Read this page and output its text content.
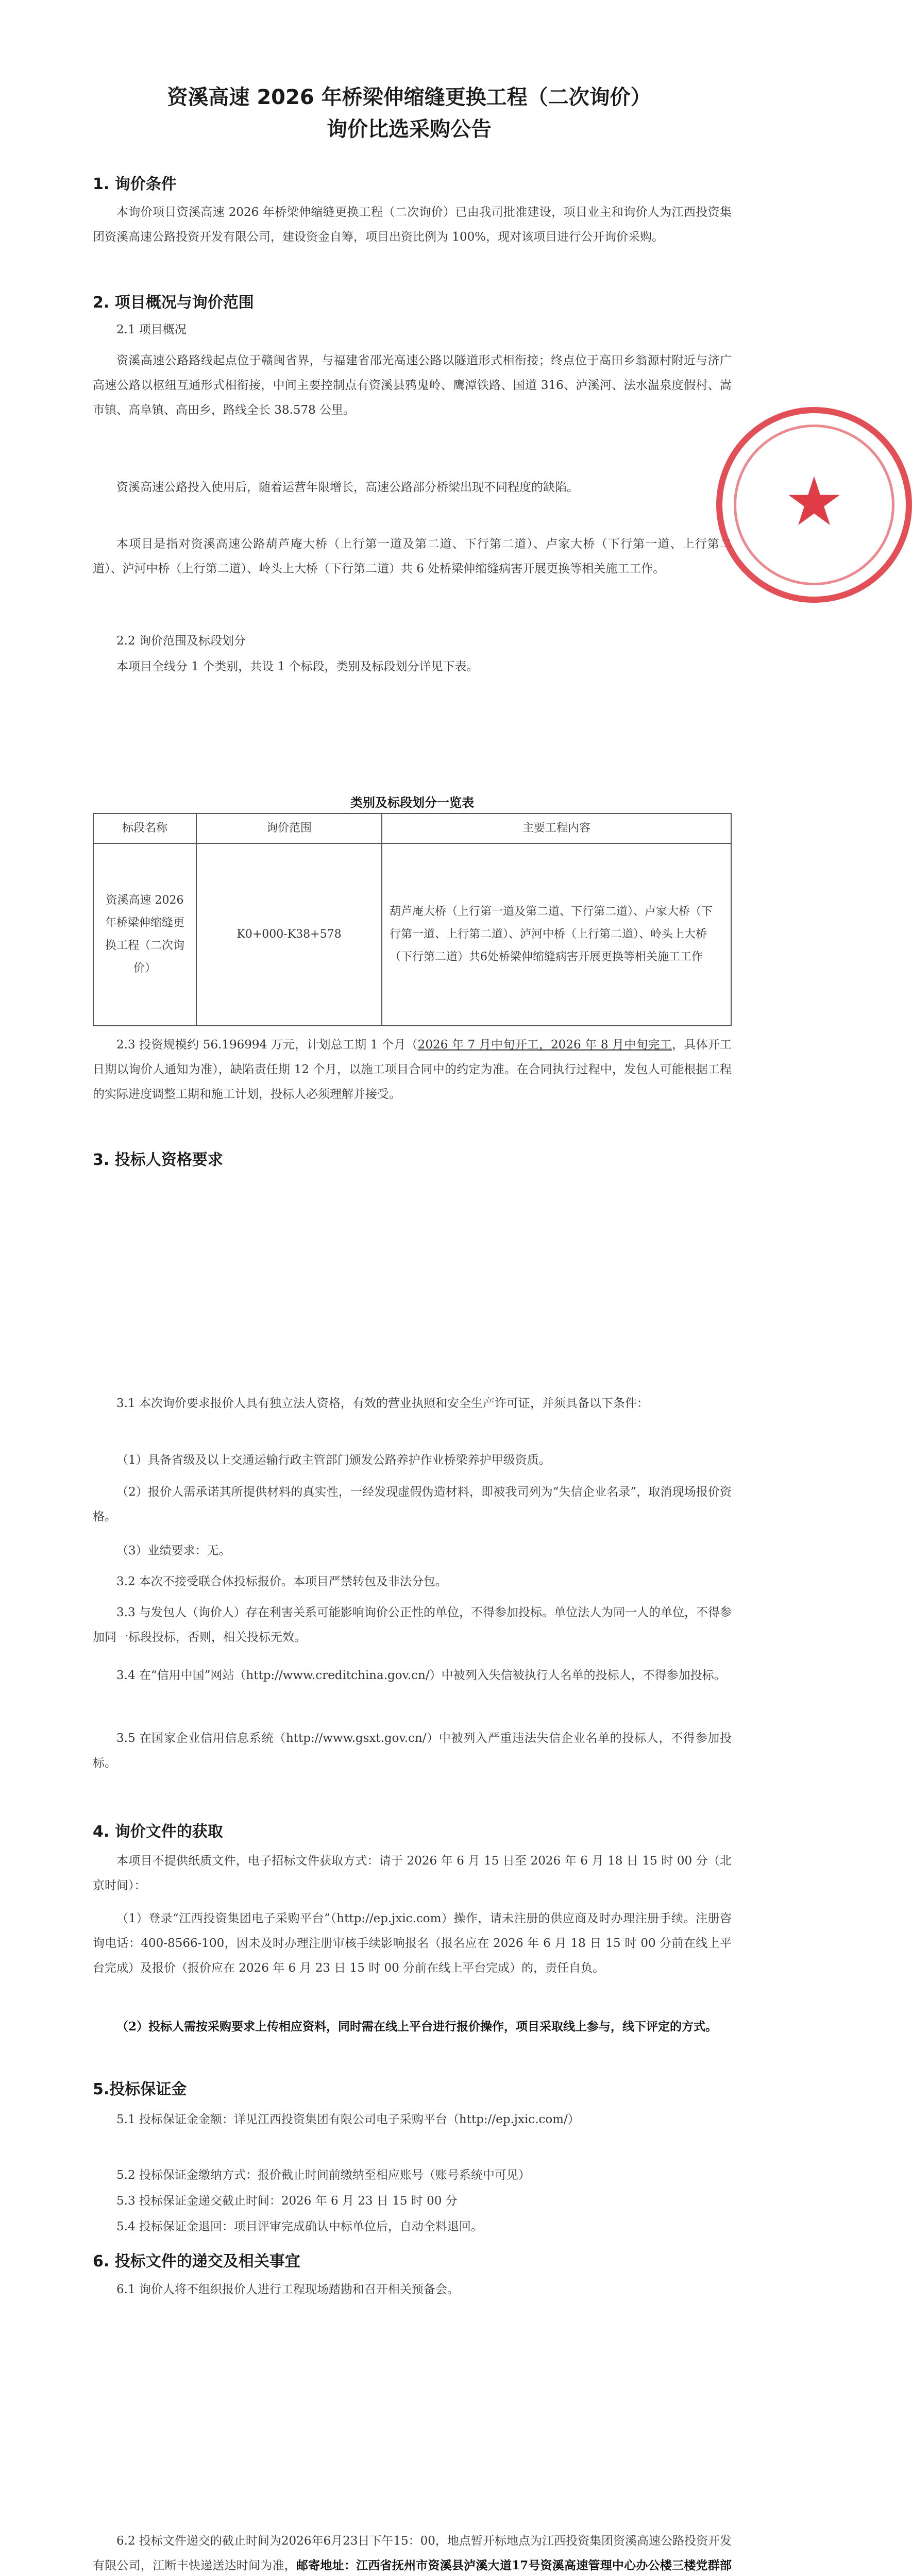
资溪高速 2026 年桥梁伸缩缝更换工程（二次询价）
询价比选采购公告
1. 询价条件
本询价项目资溪高速 2026 年桥梁伸缩缝更换工程（二次询价）已由我司批准建设，项目业主和询价人为江西投资集团资溪高速公路投资开发有限公司，建设资金自筹，项目出资比例为 100%，现对该项目进行公开询价采购。
2. 项目概况与询价范围
2.1 项目概况
资溪高速公路路线起点位于赣闽省界，与福建省邵光高速公路以隧道形式相衔接；终点位于高田乡翁源村附近与济广高速公路以枢纽互通形式相衔接，中间主要控制点有资溪县鸦鬼岭、鹰潭铁路、国道 316、泸溪河、法水温泉度假村、嵩市镇、高阜镇、高田乡，路线全长 38.578 公里。
资溪高速公路投入使用后，随着运营年限增长，高速公路部分桥梁出现不同程度的缺陷。
本项目是指对资溪高速公路葫芦庵大桥（上行第一道及第二道、下行第二道）、卢家大桥（下行第一道、上行第二道）、泸河中桥（上行第二道）、岭头上大桥（下行第二道）共 6 处桥梁伸缩缝病害开展更换等相关施工工作。
2.2 询价范围及标段划分
本项目全线分 1 个类别，共设 1 个标段，类别及标段划分详见下表。
类别及标段划分一览表
标段名称	询价范围	主要工程内容
资溪高速 2026 年桥梁伸缩缝更换工程（二次询价）	K0+000-K38+578	葫芦庵大桥（上行第一道及第二道、下行第二道）、卢家大桥（下行第一道、上行第二道）、泸河中桥（上行第二道）、岭头上大桥（下行第二道）共6处桥梁伸缩缝病害开展更换等相关施工工作
2.3 投资规模约 56.196994 万元，计划总工期 1 个月（2026 年 7 月中旬开工，2026 年 8 月中旬完工，具体开工日期以询价人通知为准），缺陷责任期 12 个月，以施工项目合同中的约定为准。在合同执行过程中，发包人可能根据工程的实际进度调整工期和施工计划，投标人必须理解并接受。
3. 投标人资格要求
3.1 本次询价要求报价人具有独立法人资格，有效的营业执照和安全生产许可证，并须具备以下条件：
（1）具备省级及以上交通运输行政主管部门颁发公路养护作业桥梁养护甲级资质。
（2）报价人需承诺其所提供材料的真实性，一经发现虚假伪造材料，即被我司列为“失信企业名录”，取消现场报价资格。
（3）业绩要求：无。
3.2 本次不接受联合体投标报价。本项目严禁转包及非法分包。
3.3 与发包人（询价人）存在利害关系可能影响询价公正性的单位，不得参加投标。单位法人为同一人的单位，不得参加同一标段投标，否则，相关投标无效。
3.4 在“信用中国”网站（http://www.creditchina.gov.cn/）中被列入失信被执行人名单的投标人，不得参加投标。
3.5 在国家企业信用信息系统（http://www.gsxt.gov.cn/）中被列入严重违法失信企业名单的投标人，不得参加投标。
4. 询价文件的获取
本项目不提供纸质文件，电子招标文件获取方式：请于 2026 年 6 月 15 日至 2026 年 6 月 18 日 15 时 00 分（北京时间）：
（1）登录“江西投资集团电子采购平台”（http://ep.jxic.com）操作，请未注册的供应商及时办理注册手续。注册咨询电话：400-8566-100，因未及时办理注册审核手续影响报名（报名应在 2026 年 6 月 18 日 15 时 00 分前在线上平台完成）及报价（报价应在 2026 年 6 月 23 日 15 时 00 分前在线上平台完成）的，责任自负。
（2）投标人需按采购要求上传相应资料，同时需在线上平台进行报价操作，项目采取线上参与，线下评定的方式。
5.投标保证金
5.1 投标保证金金额：详见江西投资集团有限公司电子采购平台（http://ep.jxic.com/）
5.2 投标保证金缴纳方式：报价截止时间前缴纳至相应账号（账号系统中可见）
5.3 投标保证金递交截止时间：2026 年 6 月 23 日 15 时 00 分
5.4 投标保证金退回：项目评审完成确认中标单位后，自动全料退回。
6. 投标文件的递交及相关事宜
6.1 询价人将不组织报价人进行工程现场踏勘和召开相关预备会。
6.2 投标文件递交的截止时间为2026年6月23日下午15：00，地点暂开标地点为江西投资集团资溪高速公路投资开发有限公司，江断丰快递送达时间为准，邮寄地址：江西省抚州市资溪县泸溪大道17号资溪高速管理中心办公楼三楼党群部
★
